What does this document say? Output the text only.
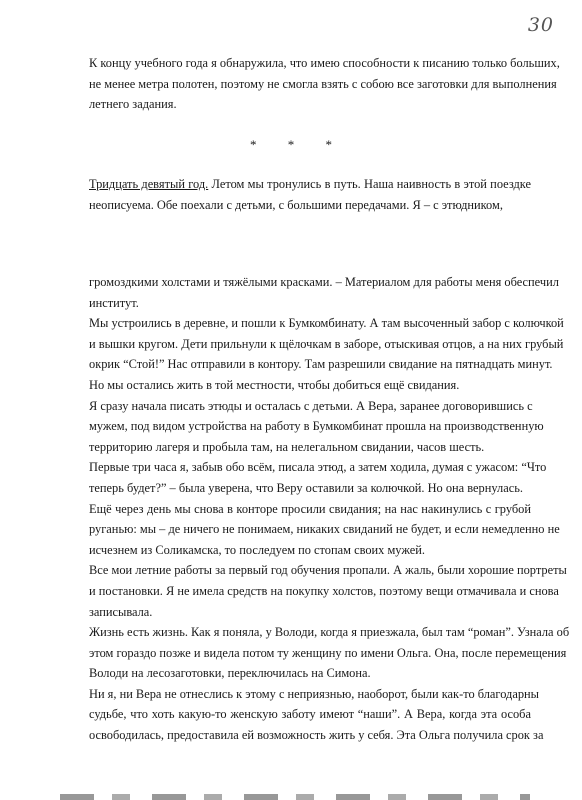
30
К концу учебного года я обнаружила, что имею способности к писанию только больших,
не менее метра полотен, поэтому не смогла взять с собою все заготовки для выполнения
летнего задания.
* * *
Тридцать девятый год. Летом мы тронулись в путь. Наша наивность в этой поездке
неописуема. Обе поехали с детьми, с большими передачами. Я – с этюдником,
громоздкими холстами и тяжёлыми красками. – Материалом для работы меня обеспечил
институт.
Мы устроились в деревне, и пошли к Бумкомбинату. А там высоченный забор с колючкой
и вышки кругом. Дети прильнули к щёлочкам в заборе, отыскивая отцов, а на них грубый
окрик “Стой!” Нас отправили в контору. Там разрешили свидание на пятнадцать минут.
Но мы остались жить в той местности, чтобы добиться ещё свидания.
Я сразу начала писать этюды и осталась с детьми. А Вера, заранее договорившись с
мужем, под видом устройства на работу в Бумкомбинат прошла на производственную
территорию лагеря и пробыла там, на нелегальном свидании, часов шесть.
Первые три часа я, забыв обо всём, писала этюд, а затем ходила, думая с ужасом: “Что
теперь будет?” – была уверена, что Веру оставили за колючкой. Но она вернулась.
Ещё через день мы снова в конторе просили свидания; на нас накинулись с грубой
руганью: мы – де ничего не понимаем, никаких свиданий не будет, и если немедленно не
исчезнем из Соликамска, то последуем по стопам своих мужей.
Все мои летние работы за первый год обучения пропали. А жаль, были хорошие портреты
и постановки. Я не имела средств на покупку холстов, поэтому вещи отмачивала и снова
записывала.
Жизнь есть жизнь. Как я поняла, у Володи, когда я приезжала, был там “роман”. Узнала об
этом гораздо позже и видела потом ту женщину по имени Ольга. Она, после перемещения
Володи на лесозаготовки, переключилась на Симона.
Ни я, ни Вера не отнеслись к этому с неприязнью, наоборот, были как-то благодарны
судьбе, что хоть какую-то женскую заботу имеют “наши”. А Вера, когда эта особа
освободилась, предоставила ей возможность жить у себя. Эта Ольга получила срок за
